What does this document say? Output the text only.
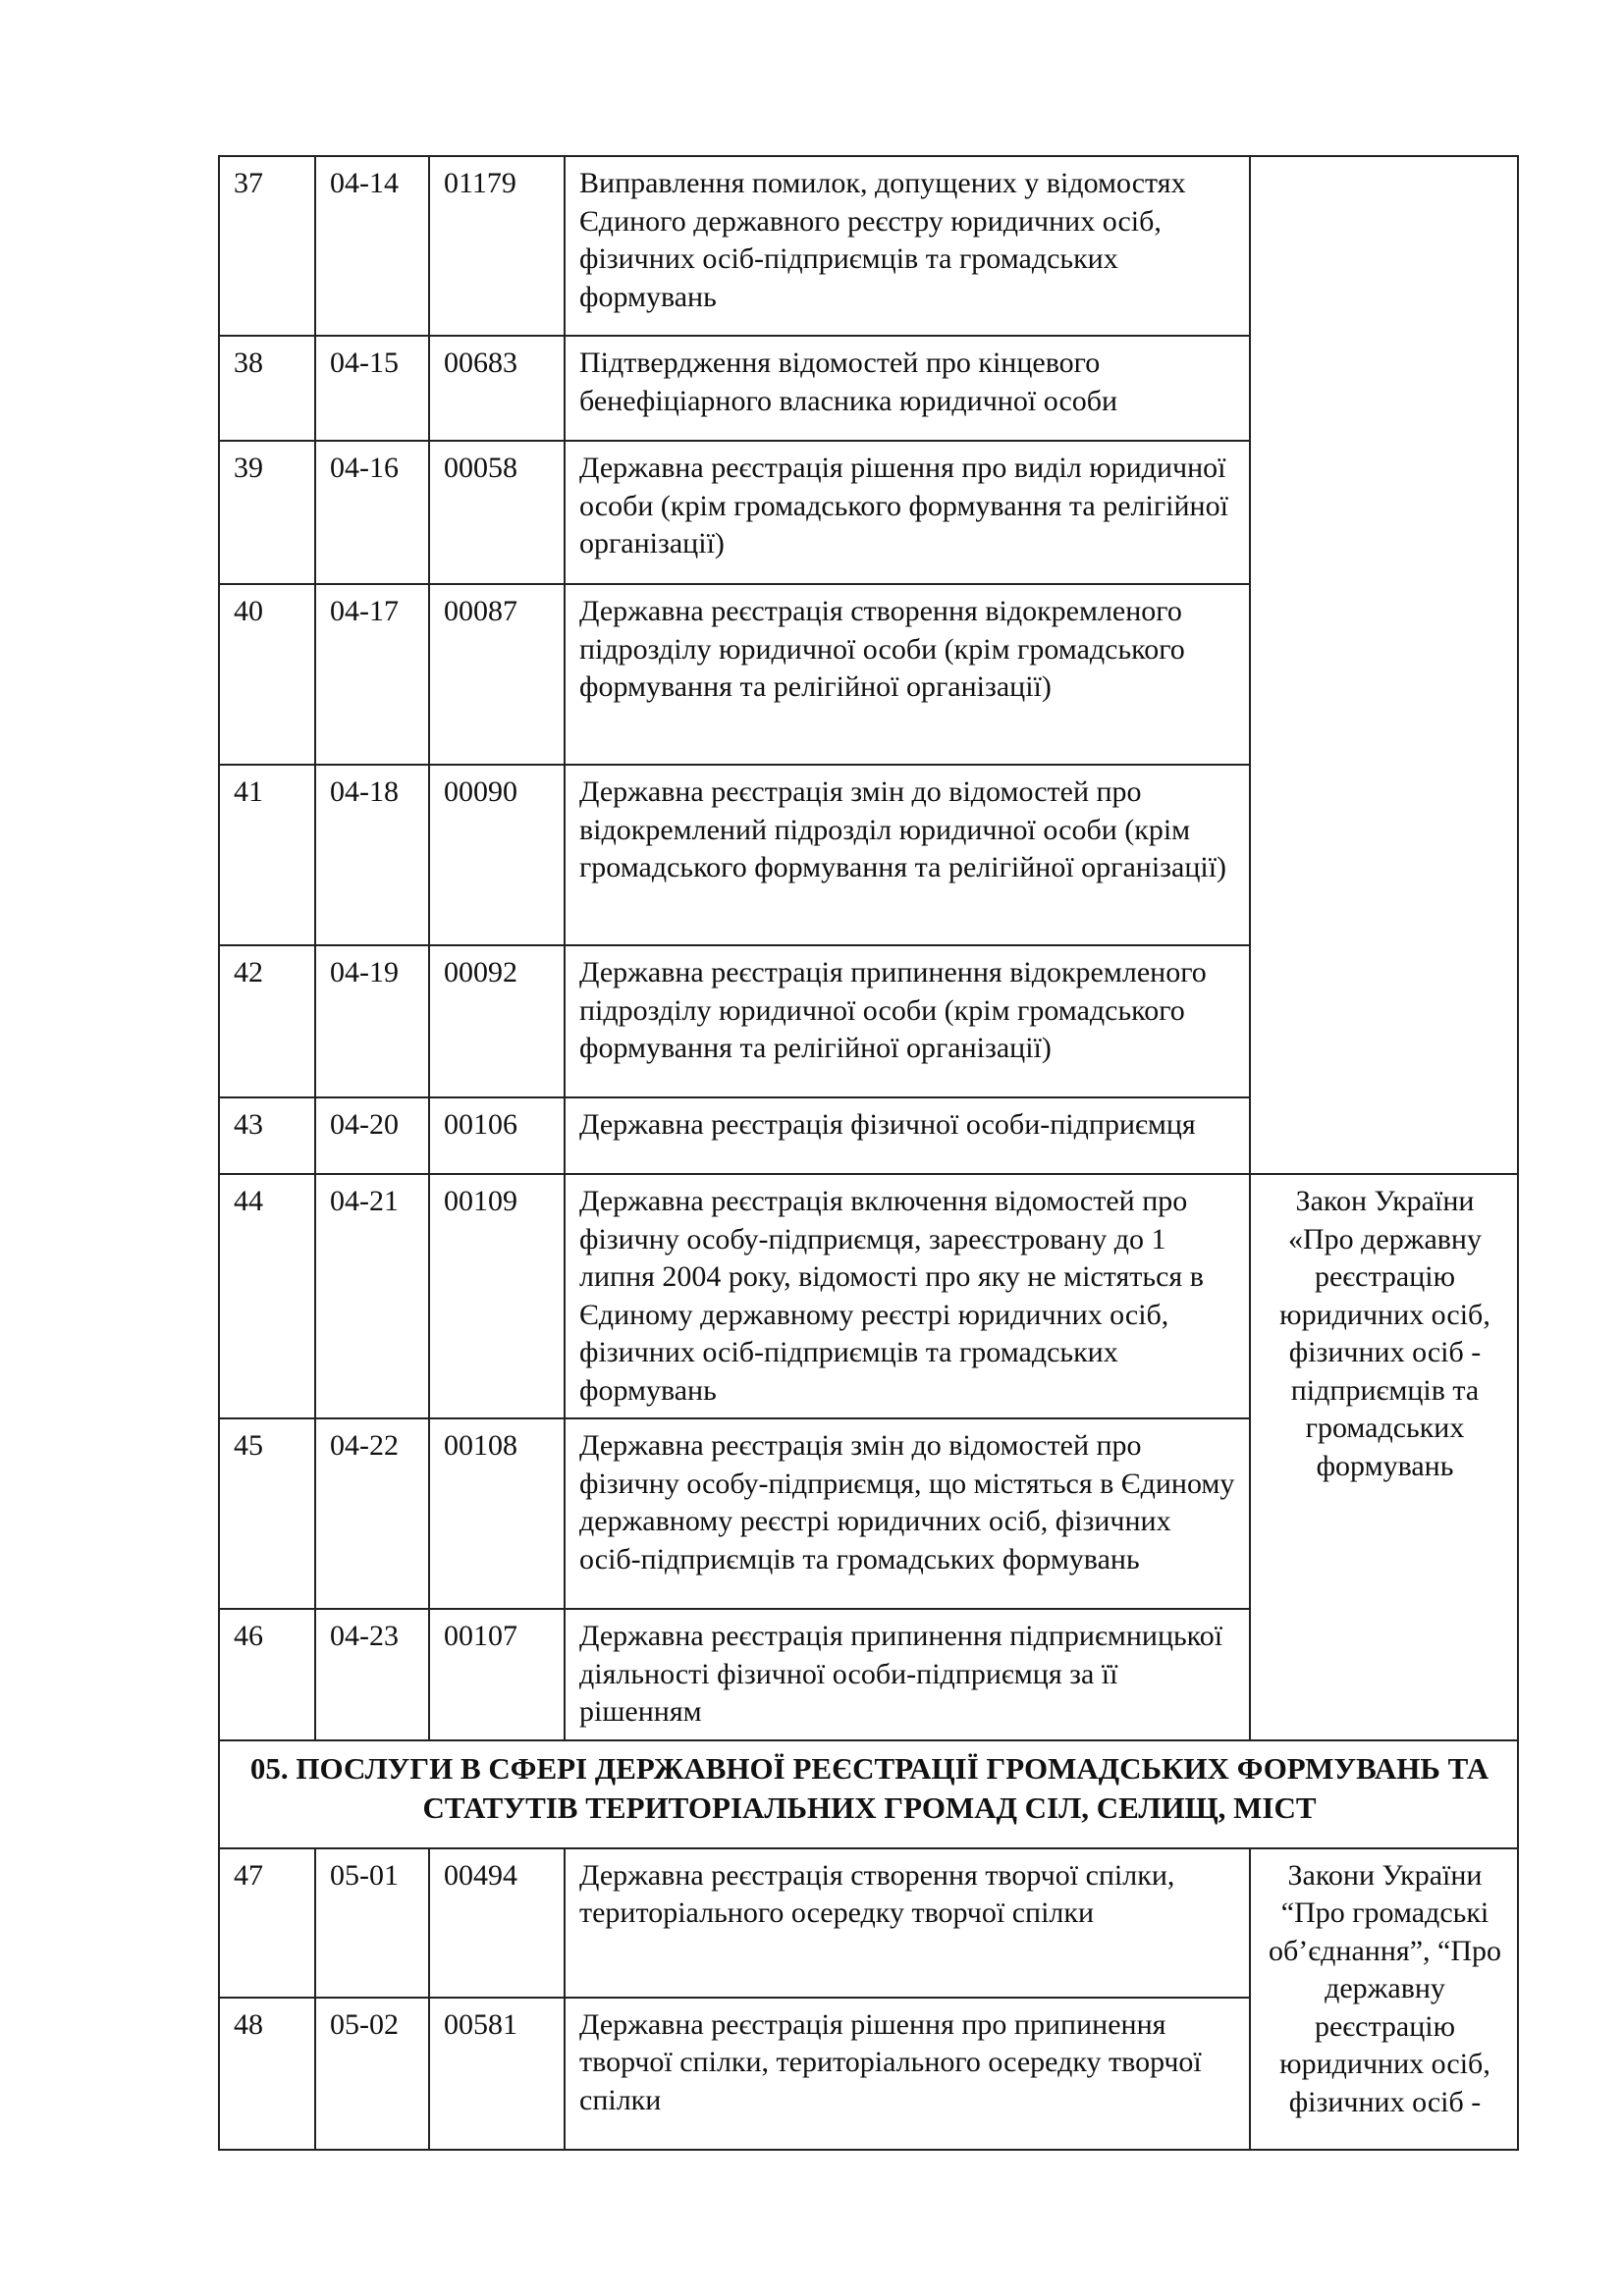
37	04-14	01179	Виправлення помилок, допущених у відомостях Єдиного державного реєстру юридичних осіб, фізичних осіб-підприємців та громадських формувань	
38	04-15	00683	Підтвердження відомостей про кінцевого бенефіціарного власника юридичної особи	
39	04-16	00058	Державна реєстрація рішення про виділ юридичної особи (крім громадського формування та релігійної організації)	
40	04-17	00087	Державна реєстрація створення відокремленого підрозділу юридичної особи (крім громадського формування та релігійної організації)	
41	04-18	00090	Державна реєстрація змін до відомостей про відокремлений підрозділ юридичної особи (крім громадського формування та релігійної організації)	
42	04-19	00092	Державна реєстрація припинення відокремленого підрозділу юридичної особи (крім громадського формування та релігійної організації)	
43	04-20	00106	Державна реєстрація фізичної особи-підприємця	
44	04-21	00109	Державна реєстрація включення відомостей про фізичну особу-підприємця, зареєстровану до 1 липня 2004 року, відомості про яку не містяться в Єдиному державному реєстрі юридичних осіб, фізичних осіб-підприємців та громадських формувань	Закон України «Про державну реєстрацію юридичних осіб, фізичних осіб - підприємців та громадських формувань
45	04-22	00108	Державна реєстрація змін до відомостей про фізичну особу-підприємця, що містяться в Єдиному державному реєстрі юридичних осіб, фізичних осіб-підприємців та громадських формувань	
46	04-23	00107	Державна реєстрація припинення підприємницької діяльності фізичної особи-підприємця за її рішенням	
05. ПОСЛУГИ В СФЕРІ ДЕРЖАВНОЇ РЕЄСТРАЦІЇ ГРОМАДСЬКИХ ФОРМУВАНЬ ТА СТАТУТІВ ТЕРИТОРІАЛЬНИХ ГРОМАД СІЛ, СЕЛИЩ, МІСТ				
47	05-01	00494	Державна реєстрація створення творчої спілки, територіального осередку творчої спілки	Закони України “Про громадські об’єднання”, “Про державну реєстрацію юридичних осіб, фізичних осіб -
48	05-02	00581	Державна реєстрація рішення про припинення творчої спілки, територіального осередку творчої спілки	
